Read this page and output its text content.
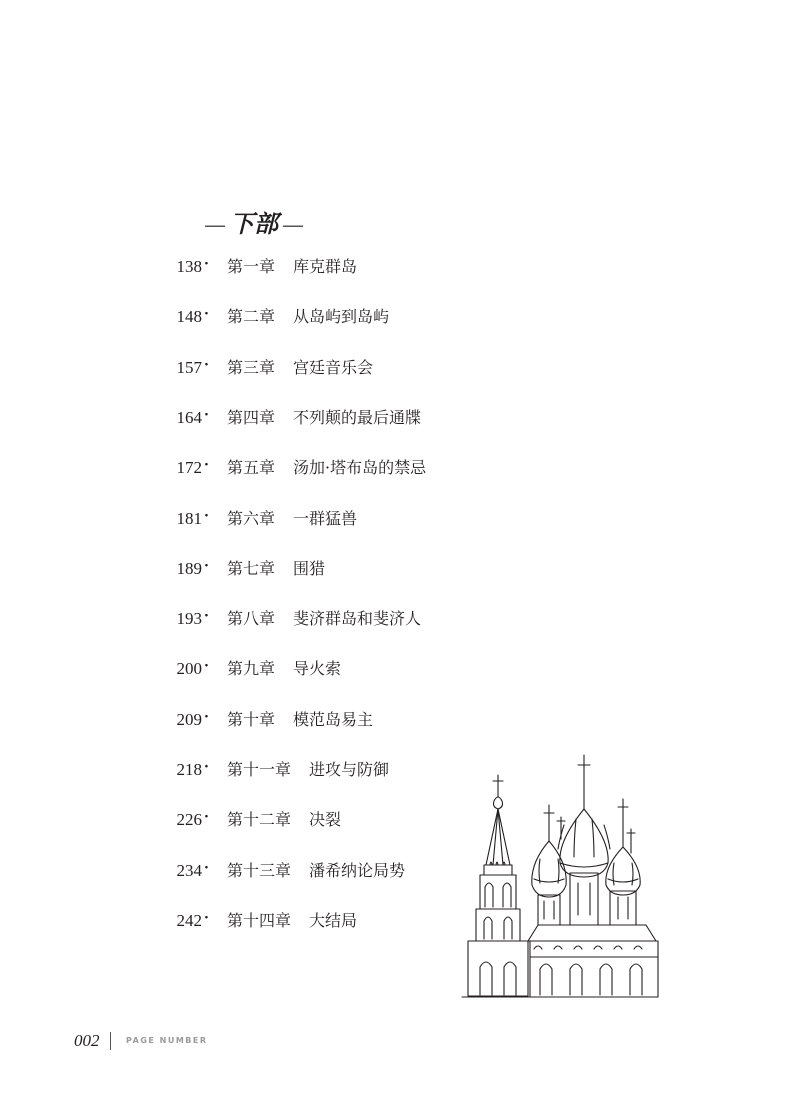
— 下部 —
138 · 第一章 库克群岛
148 · 第二章 从岛屿到岛屿
157 · 第三章 宫廷音乐会
164 · 第四章 不列颠的最后通牒
172 · 第五章 汤加·塔布岛的禁忌
181 · 第六章 一群猛兽
189 · 第七章 围猎
193 · 第八章 斐济群岛和斐济人
200 · 第九章 导火索
209 · 第十章 模范岛易主
218 · 第十一章 进攻与防御
226 · 第十二章 决裂
234 · 第十三章 潘希纳论局势
242 · 第十四章 大结局
002	PAGE NUMBER
